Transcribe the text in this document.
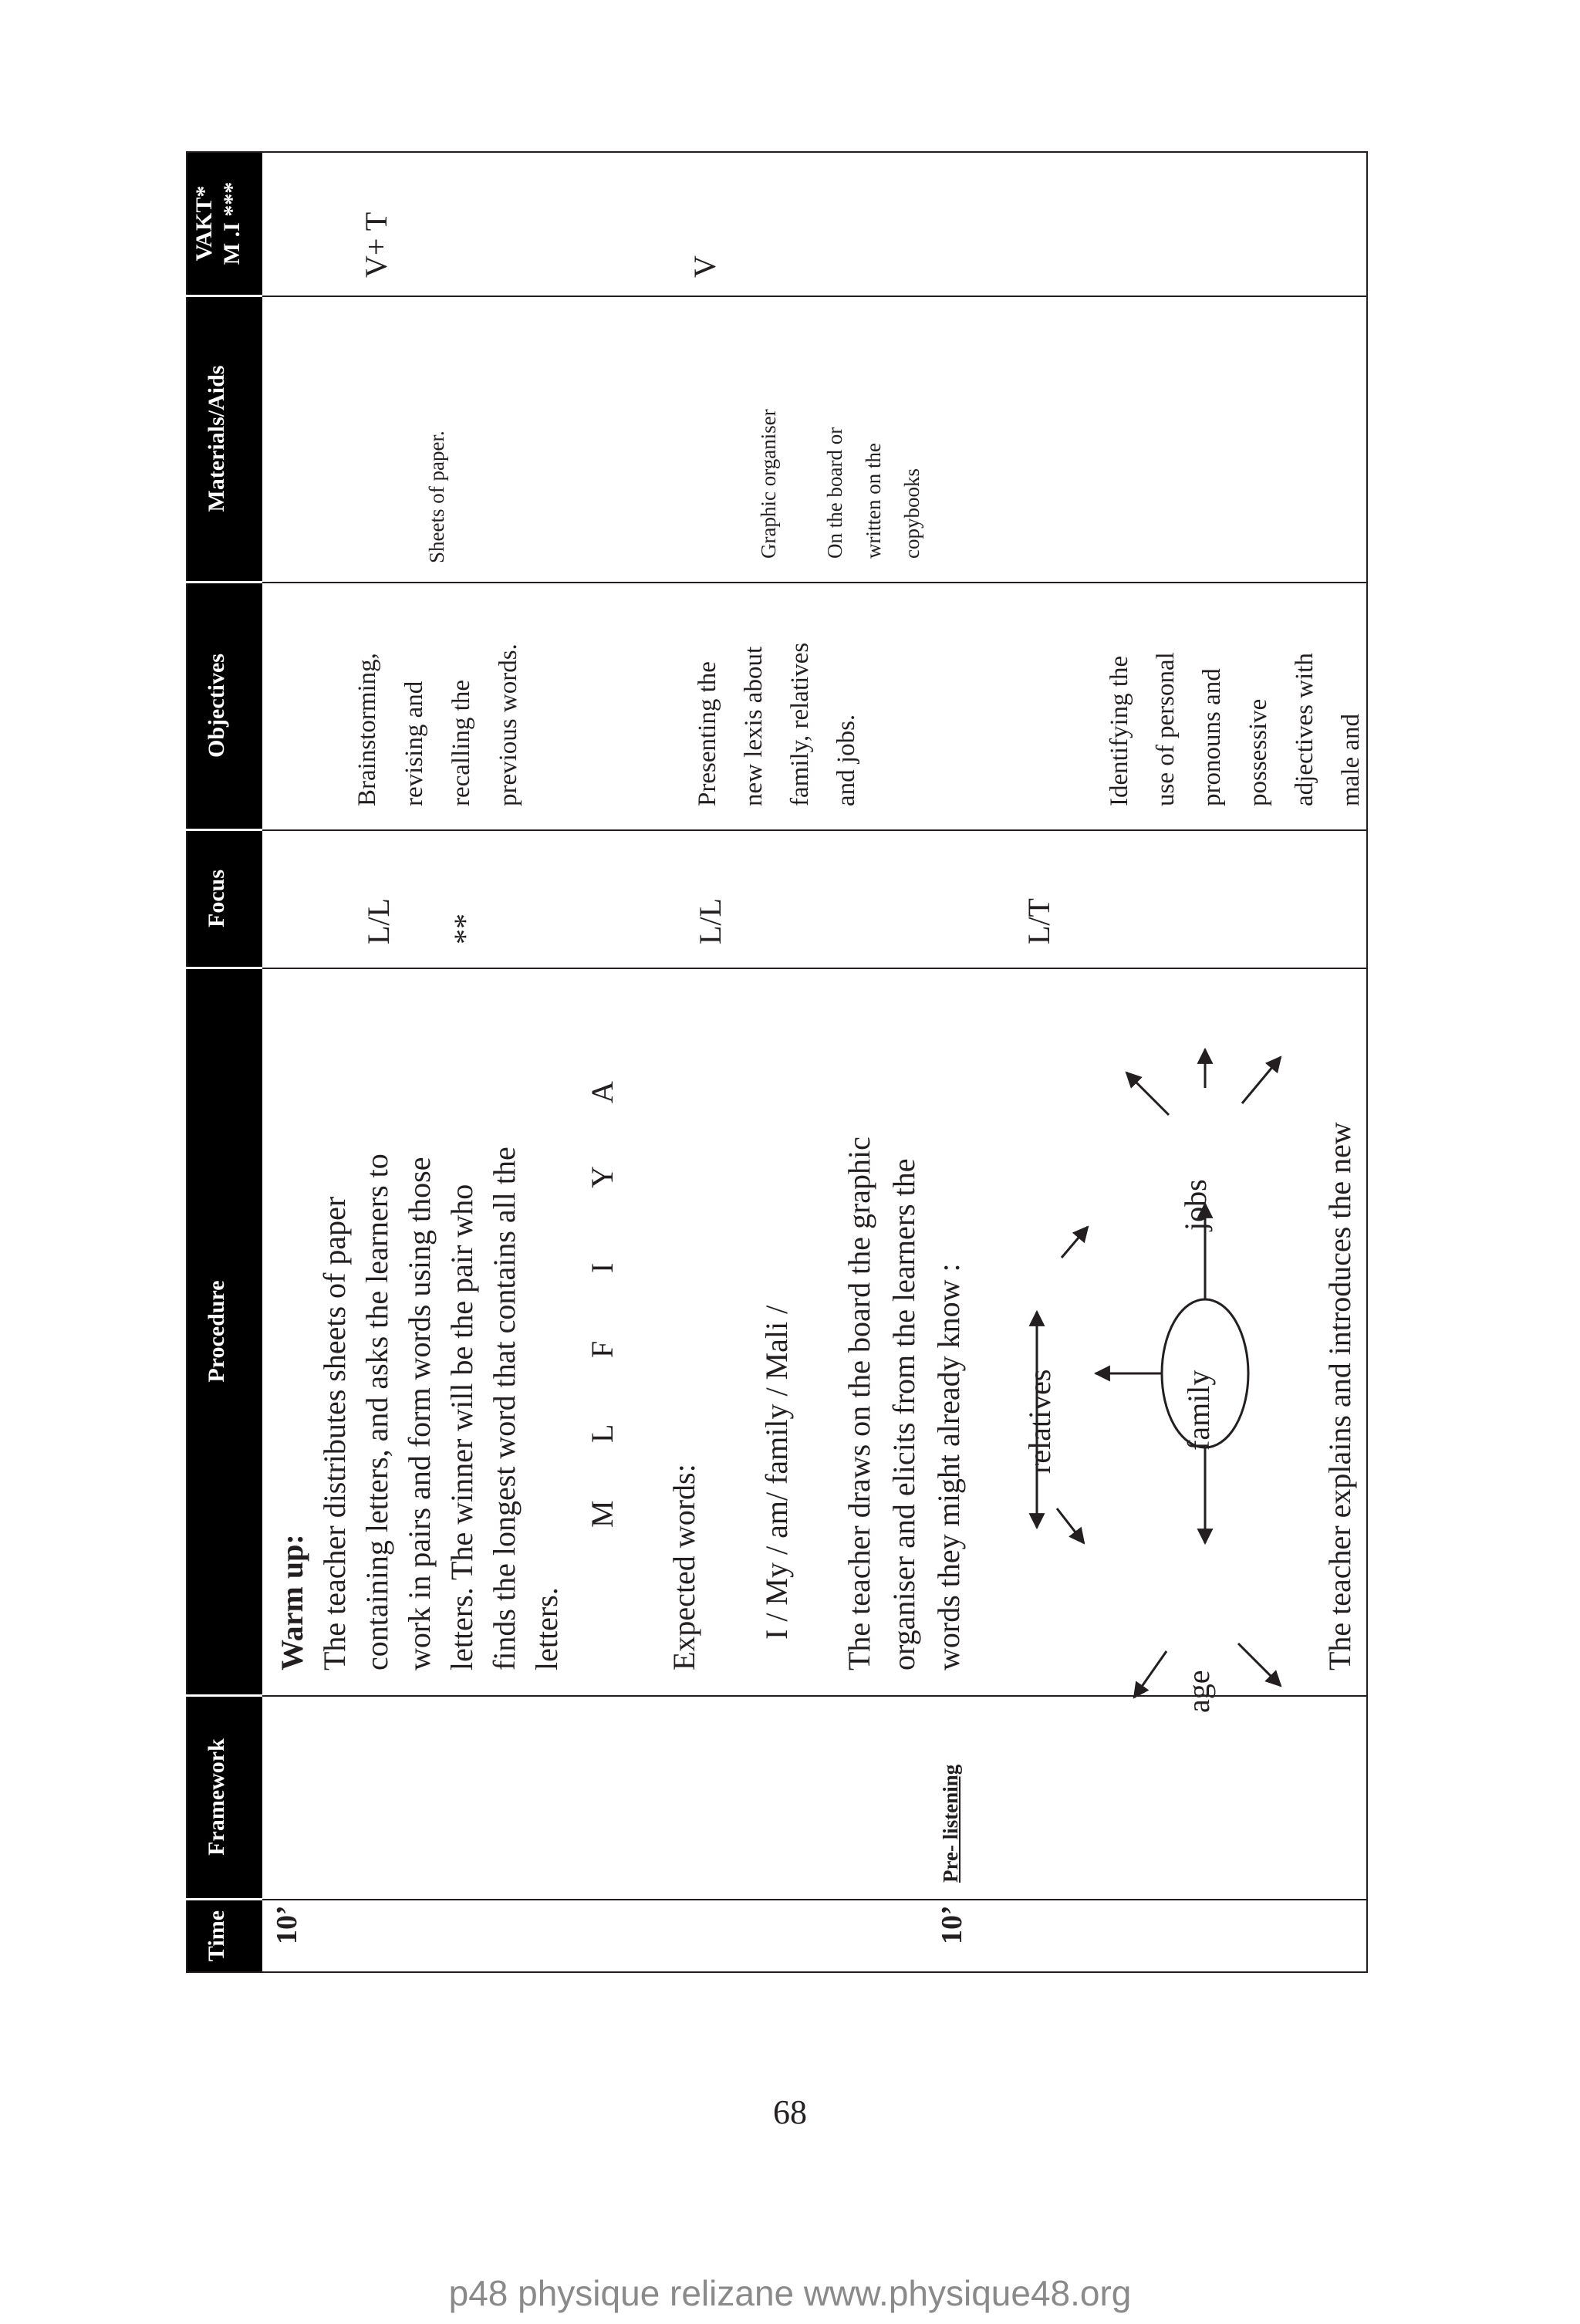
Time
Framework
Procedure
Focus
Objectives
Materials/Aids
VAKT* M .I ***
10’
Warm up: The teacher distributes sheets of paper containing letters, and asks the learners to work in pairs and form words using those letters. The winner will be the pair who finds the longest word that contains all the letters.
M
L
F
I
Y
A
Expected words: I / My / am/ family / Mali /
L/L **
Brainstorming, revising and recalling the previous words.
Sheets of paper.
V+ T
10’
Pre- listening
The teacher draws on the board the graphic organiser and elicits from the learners the words they might already know :
L/L
Presenting the new lexis about family, relatives and jobs.
Graphic organiser On the board or written on the copybooks
V
family
age
relatives
jobs	The teacher explains and introduces the new
L/T
Identifying the use of personal pronouns and possessive adjectives with male and
68
p48 physique relizane www.physique48.org
